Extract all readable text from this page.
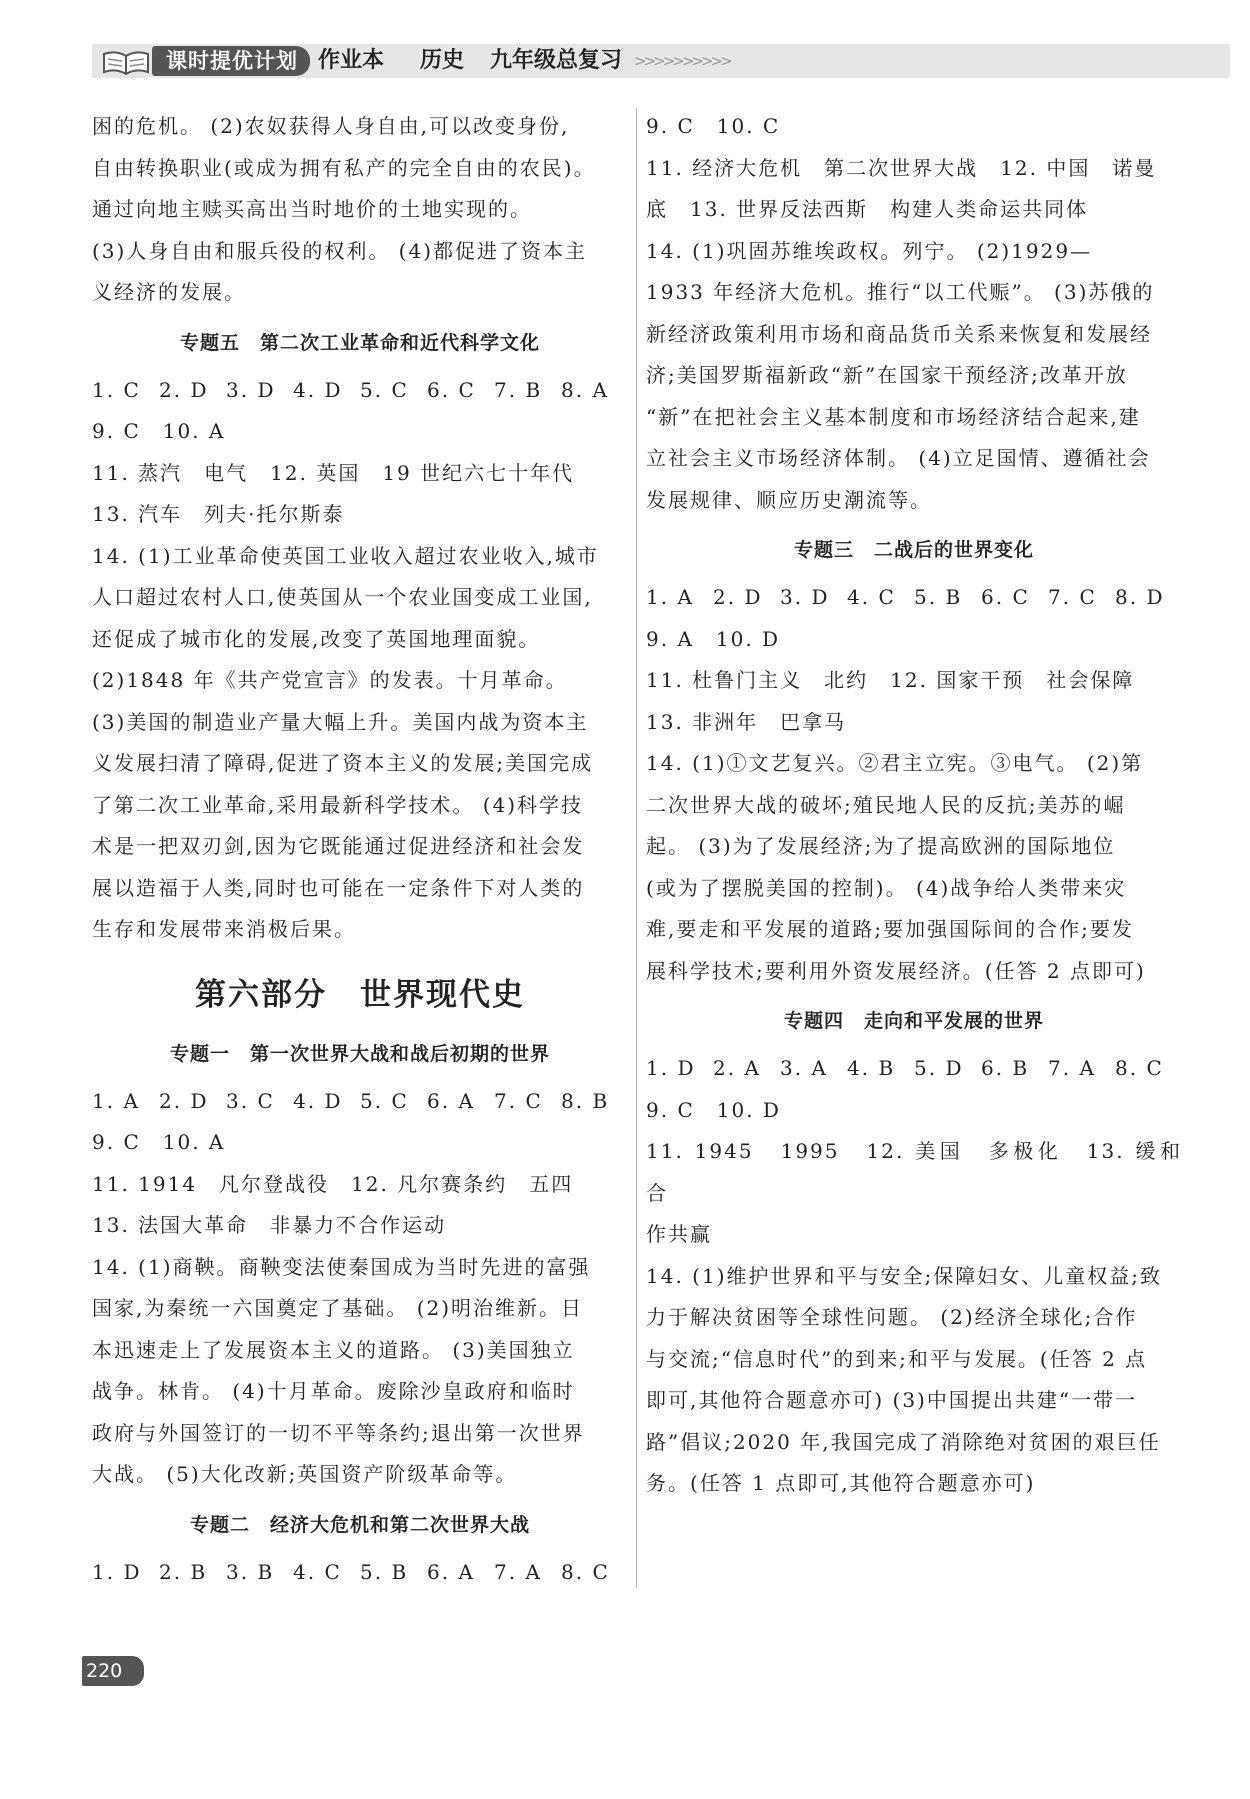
课时提优计划 作业本 历史 九年级总复习 >>>>>>>>>>

困的危机。 (2)农奴获得人身自由,可以改变身份,

自由转换职业(或成为拥有私产的完全自由的农民)。

通过向地主赎买高出当时地价的土地实现的。

(3)人身自由和服兵役的权利。 (4)都促进了资本主

义经济的发展。

专题五　第二次工业革命和近代科学文化
1. C 2. D 3. D 4. D 5. C 6. C 7. B 8. A

9. C　10. A

11. 蒸汽　电气　12. 英国　19 世纪六七十年代

13. 汽车　列夫·托尔斯泰

14. (1)工业革命使英国工业收入超过农业收入,城市

人口超过农村人口,使英国从一个农业国变成工业国,

还促成了城市化的发展,改变了英国地理面貌。

(2)1848 年《共产党宣言》的发表。十月革命。

(3)美国的制造业产量大幅上升。美国内战为资本主

义发展扫清了障碍,促进了资本主义的发展;美国完成

了第二次工业革命,采用最新科学技术。 (4)科学技

术是一把双刃剑,因为它既能通过促进经济和社会发

展以造福于人类,同时也可能在一定条件下对人类的

生存和发展带来消极后果。

第六部分　世界现代史
专题一　第一次世界大战和战后初期的世界
1. A 2. D 3. C 4. D 5. C 6. A 7. C 8. B

9. C　10. A

11. 1914　凡尔登战役　12. 凡尔赛条约　五四

13. 法国大革命　非暴力不合作运动

14. (1)商鞅。商鞅变法使秦国成为当时先进的富强

国家,为秦统一六国奠定了基础。 (2)明治维新。日

本迅速走上了发展资本主义的道路。 (3)美国独立

战争。林肯。 (4)十月革命。废除沙皇政府和临时

政府与外国签订的一切不平等条约;退出第一次世界

大战。 (5)大化改新;英国资产阶级革命等。

专题二　经济大危机和第二次世界大战
1. D 2. B 3. B 4. C 5. B 6. A 7. A 8. C

9. C　10. C

11. 经济大危机　第二次世界大战　12. 中国　诺曼

底　13. 世界反法西斯　构建人类命运共同体

14. (1)巩固苏维埃政权。列宁。 (2)1929—

1933 年经济大危机。推行“以工代赈”。 (3)苏俄的

新经济政策利用市场和商品货币关系来恢复和发展经

济;美国罗斯福新政“新”在国家干预经济;改革开放

“新”在把社会主义基本制度和市场经济结合起来,建

立社会主义市场经济体制。 (4)立足国情、遵循社会

发展规律、顺应历史潮流等。

专题三　二战后的世界变化
1. A 2. D 3. D 4. C 5. B 6. C 7. C 8. D

9. A　10. D

11. 杜鲁门主义　北约　12. 国家干预　社会保障

13. 非洲年　巴拿马

14. (1)①文艺复兴。②君主立宪。③电气。 (2)第

二次世界大战的破坏;殖民地人民的反抗;美苏的崛

起。 (3)为了发展经济;为了提高欧洲的国际地位

(或为了摆脱美国的控制)。 (4)战争给人类带来灾

难,要走和平发展的道路;要加强国际间的合作;要发

展科学技术;要利用外资发展经济。(任答 2 点即可)

专题四　走向和平发展的世界
1. D 2. A 3. A 4. B 5. D 6. B 7. A 8. C

9. C　10. D

11. 1945　1995　12. 美国　多极化　13. 缓和　合

作共赢

14. (1)维护世界和平与安全;保障妇女、儿童权益;致

力于解决贫困等全球性问题。 (2)经济全球化;合作

与交流;“信息时代”的到来;和平与发展。(任答 2 点

即可,其他符合题意亦可) (3)中国提出共建“一带一

路”倡议;2020 年,我国完成了消除绝对贫困的艰巨任

务。(任答 1 点即可,其他符合题意亦可)

220
